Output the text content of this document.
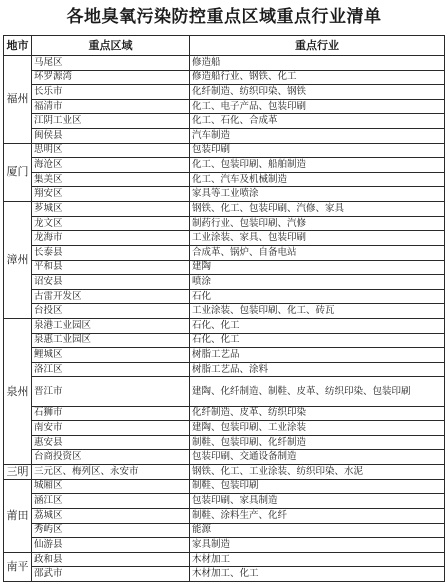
各地臭氧污染防控重点区域重点行业清单
地市	重点区域	重点行业
福州	马尾区	修造船
	环罗源湾	修造船行业、钢铁、化工
	长乐市	化纤制造、纺织印染、钢铁
	福清市	化工、电子产品、包装印刷
	江阴工业区	化工、石化、合成革
	闽侯县	汽车制造
厦门	思明区	包装印刷
	海沧区	化工、包装印刷、船舶制造
	集美区	化工、汽车及机械制造
	翔安区	家具等工业喷涂
漳州	芗城区	钢铁、化工、包装印刷、汽修、家具
	龙文区	制药行业、包装印刷、汽修
	龙海市	工业涂装、家具、包装印刷
	长泰县	合成革、锅炉、自备电站
	平和县	建陶
	诏安县	喷涂
	古雷开发区	石化
	台投区	工业涂装、包装印刷、化工、砖瓦
泉州	泉港工业园区	石化、化工
	泉惠工业园区	石化、化工
	鲤城区	树脂工艺品
	洛江区	树脂工艺品、涂料
	晋江市	建陶、化纤制造、制鞋、皮革、纺织印染、包装印刷
	石狮市	化纤制造、皮革、纺织印染
	南安市	建陶、包装印刷、工业涂装
	惠安县	制鞋、包装印刷、化纤制造
	台商投资区	包装印刷、交通设备制造
三明	三元区、梅列区、永安市	钢铁、化工、工业涂装、纺织印染、水泥
莆田	城厢区	制鞋、包装印刷
	涵江区	包装印刷、家具制造
	荔城区	制鞋、涂料生产、化纤
	秀屿区	能源
	仙游县	家具制造
南平	政和县	木材加工
	邵武市	木材加工、化工
